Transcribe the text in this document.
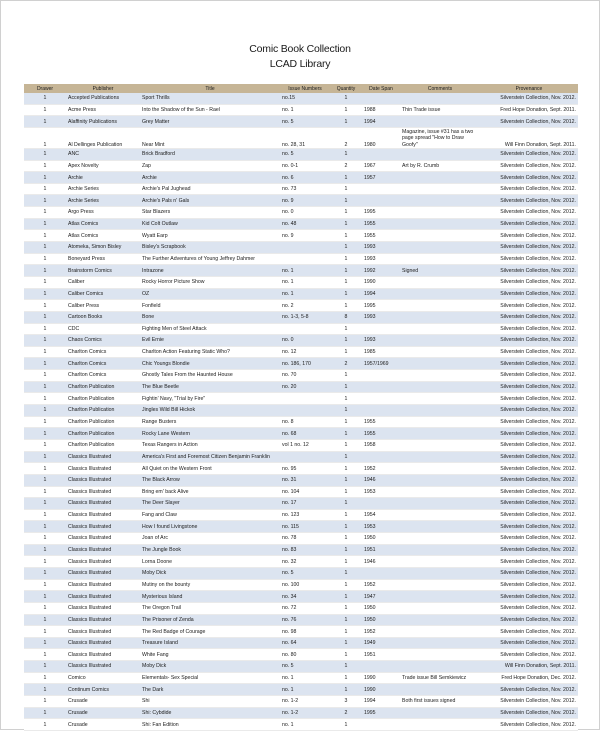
Comic Book Collection
LCAD Library
Drawer	Publisher	Title	Issue Numbers	Quantity	Date Span	Comments	Provenance
1	Accepted Publications	Sport Thrills	no.15	1			Silverstein Collection, Nov. 2012.
1	Acme Press	Into the Shadow of the Sun - Rael	no. 1	1	1988	Thin Trade issue	Fred Hope Donation, Sept. 2011.
1	Alaffinity Publications	Grey Matter	no. 5	1	1994		Silverstein Collection, Nov. 2012.
1	Al Dellinges Publication	Near Mint	no. 28, 31	2	1980	Magazine, issue #31 has a two page spread "How to Draw Goofy"	Will Finn Donation, Sept. 2011.
1	ANC	Brick Bradford	no. 5	1			Silverstein Collection, Nov. 2012.
1	Apex Novelty	Zap	no. 0-1	2	1967	Art by R. Crumb	Silverstein Collection, Nov. 2012.
1	Archie	Archie	no. 6	1	1957		Silverstein Collection, Nov. 2012.
1	Archie Series	Archie's Pal Jughead	no. 73	1			Silverstein Collection, Nov. 2012.
1	Archie Series	Archie's Pals n' Gals	no. 9	1			Silverstein Collection, Nov. 2012.
1	Argo Press	Star Blazers	no. 0	1	1995		Silverstein Collection, Nov. 2012.
1	Atlas Comics	Kid Colt Outlaw	no. 48	1	1955		Silverstein Collection, Nov. 2012.
1	Atlas Comics	Wyatt Earp	no. 9	1	1955		Silverstein Collection, Nov. 2012.
1	Atomeka, Simon Bisley	Bisley's Scrapbook		1	1993		Silverstein Collection, Nov. 2012.
1	Boneyard Press	The Further Adventures of Young Jeffrey Dahmer		1	1993		Silverstein Collection, Nov. 2012.
1	Brainstorm Comics	Intrazone	no. 1	1	1992	Signed	Silverstein Collection, Nov. 2012.
1	Caliber	Rocky Horror Picture Show	no. 1	1	1990		Silverstein Collection, Nov. 2012.
1	Caliber Comics	OZ	no. 1	1	1994		Silverstein Collection, Nov. 2012.
1	Caliber Press	Fonfield	no. 2	1	1995		Silverstein Collection, Nov. 2012.
1	Cartoon Books	Bone	no. 1-3, 5-8	8	1993		Silverstein Collection, Nov. 2012.
1	CDC	Fighting Men of Steel Attack		1			Silverstein Collection, Nov. 2012.
1	Chaos Comics	Evil Ernie	no. 0	1	1993		Silverstein Collection, Nov. 2012.
1	Charlton Comics	Charlton Action Featuring Static Who?	no. 12	1	1985		Silverstein Collection, Nov. 2012.
1	Charlton Comics	Chic Youngs Blondie	no. 186, 170	2	1957/1969		Silverstein Collection, Nov. 2012.
1	Charlton Comics	Ghostly Tales From the Haunted House	no. 70	1			Silverstein Collection, Nov. 2012.
1	Charlton Publication	The Blue Beetle	no. 20	1			Silverstein Collection, Nov. 2012.
1	Charlton Publication	Fightin' Navy, "Trial by Fire"		1			Silverstein Collection, Nov. 2012.
1	Charlton Publication	Jingles Wild Bill Hickok		1			Silverstein Collection, Nov. 2012.
1	Charlton Publication	Range Busters	no. 8	1	1955		Silverstein Collection, Nov. 2012.
1	Charlton Publication	Rocky Lane Western	no. 68	1	1955		Silverstein Collection, Nov. 2012.
1	Charlton Publication	Texas Rangers in Action	vol 1 no. 12	1	1958		Silverstein Collection, Nov. 2012.
1	Classics Illustrated	America's First and Foremost Citizen Benjamin Franklin		1			Silverstein Collection, Nov. 2012.
1	Classics Illustrated	All Quiet on the Western Front	no. 95	1	1952		Silverstein Collection, Nov. 2012.
1	Classics Illustrated	The Black Arrow	no. 31	1	1946		Silverstein Collection, Nov. 2012.
1	Classics Illustrated	Bring em' back Alive	no. 104	1	1953		Silverstein Collection, Nov. 2012.
1	Classics Illustrated	The Deer Slayer	no. 17	1			Silverstein Collection, Nov. 2012.
1	Classics Illustrated	Fang and Claw	no. 123	1	1954		Silverstein Collection, Nov. 2012.
1	Classics Illustrated	How I found Livingstone	no. 115	1	1953		Silverstein Collection, Nov. 2012.
1	Classics Illustrated	Joan of Arc	no. 78	1	1950		Silverstein Collection, Nov. 2012.
1	Classics Illustrated	The Jungle Book	no. 83	1	1951		Silverstein Collection, Nov. 2012.
1	Classics Illustrated	Lorna Doone	no. 32	1	1946		Silverstein Collection, Nov. 2012.
1	Classics Illustrated	Moby Dick	no. 5	1			Silverstein Collection, Nov. 2012.
1	Classics Illustrated	Mutiny on the bounty	no. 100	1	1952		Silverstein Collection, Nov. 2012.
1	Classics Illustrated	Mysterious Island	no. 34	1	1947		Silverstein Collection, Nov. 2012.
1	Classics Illustrated	The Oregon Trail	no. 72	1	1950		Silverstein Collection, Nov. 2012.
1	Classics Illustrated	The Prisoner of Zenda	no. 76	1	1950		Silverstein Collection, Nov. 2012.
1	Classics Illustrated	The Red Badge of Courage	no. 98	1	1952		Silverstein Collection, Nov. 2012.
1	Classics Illustrated	Treasure Island	no. 64	1	1949		Silverstein Collection, Nov. 2012.
1	Classics Illustrated	White Fang	no. 80	1	1951		Silverstein Collection, Nov. 2012.
1	Classics Illustrated	Moby Dick	no. 5	1			Will Finn Donation, Sept. 2011.
1	Comico	Elementals- Sex Special	no. 1	1	1990	Trade issue Bill Semkiewicz	Fred Hope Donation, Dec. 2012.
1	Continum Comics	The Dark	no. 1	1	1990		Silverstein Collection, Nov. 2012.
1	Crusade	Shi	no. 1-2	3	1994	Both first issues signed	Silverstein Collection, Nov. 2012.
1	Crusade	Shi: Cybdide	no. 1-2	2	1995		Silverstein Collection, Nov. 2012.
1	Crusade	Shi: Fan Edition	no. 1	1			Silverstein Collection, Nov. 2012.
